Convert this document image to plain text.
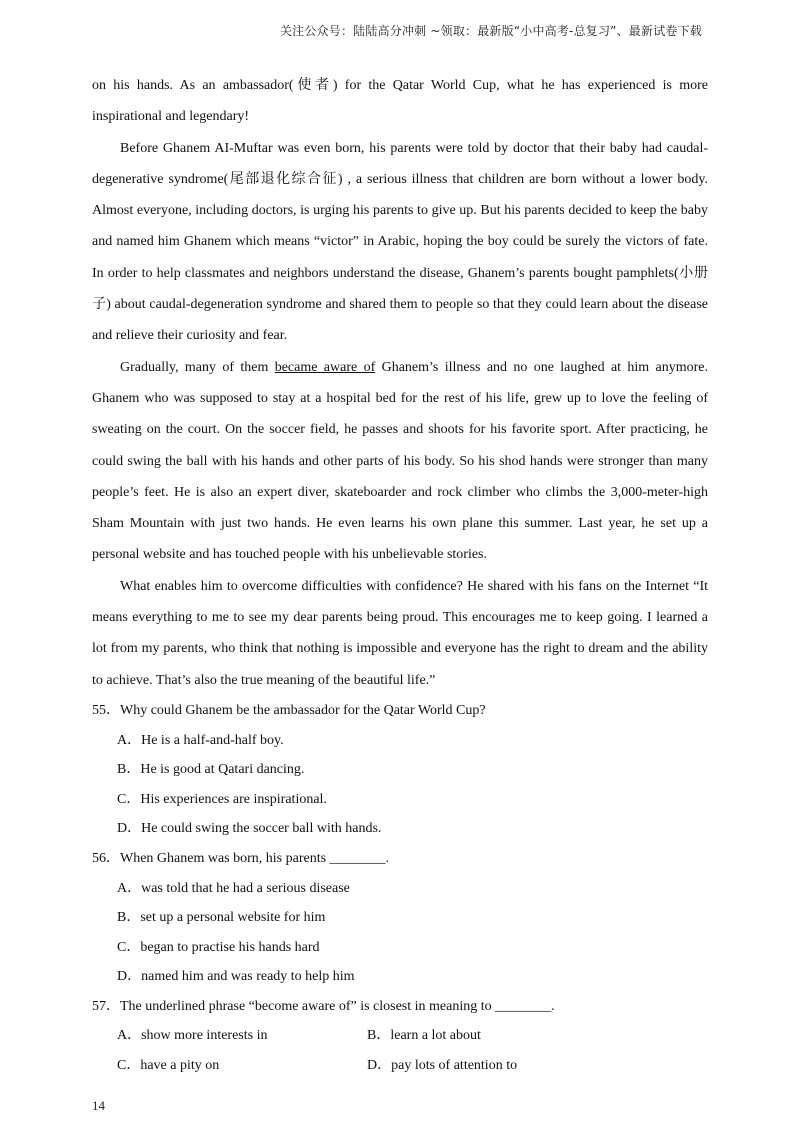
关注公众号：陆陆高分冲刺 ~领取：最新版“小中高考-总复习”、最新试卷下载

on his hands. As an ambassador(使者) for the Qatar World Cup, what he has experienced is more inspirational and legendary!

Before Ghanem AI-Muftar was even born, his parents were told by doctor that their baby had caudal-degenerative syndrome(尾部退化综合征) , a serious illness that children are born without a lower body. Almost everyone, including doctors, is urging his parents to give up. But his parents decided to keep the baby and named him Ghanem which means “victor” in Arabic, hoping the boy could be surely the victors of fate. In order to help classmates and neighbors understand the disease, Ghanem’s parents bought pamphlets(小册子) about caudal-degeneration syndrome and shared them to people so that they could learn about the disease and relieve their curiosity and fear.

Gradually, many of them became aware of Ghanem’s illness and no one laughed at him anymore. Ghanem who was supposed to stay at a hospital bed for the rest of his life, grew up to love the feeling of sweating on the court. On the soccer field, he passes and shoots for his favorite sport. After practicing, he could swing the ball with his hands and other parts of his body. So his shod hands were stronger than many people’s feet. He is also an expert diver, skateboarder and rock climber who climbs the 3,000-meter-high Sham Mountain with just two hands. He even learns his own plane this summer. Last year, he set up a personal website and has touched people with his unbelievable stories.

What enables him to overcome difficulties with confidence? He shared with his fans on the Internet “It means everything to me to see my dear parents being proud. This encourages me to keep going. I learned a lot from my parents, who think that nothing is impossible and everyone has the right to dream and the ability to achieve. That’s also the true meaning of the beautiful life.”

55．Why could Ghanem be the ambassador for the Qatar World Cup?

A．He is a half-and-half boy.

B．He is good at Qatari dancing.

C．His experiences are inspirational.

D．He could swing the soccer ball with hands.

56．When Ghanem was born, his parents ________.

A．was told that he had a serious disease

B．set up a personal website for him

C．began to practise his hands hard

D．named him and was ready to help him

57．The underlined phrase “become aware of” is closest in meaning to ________.

A．show more interests in	B．learn a lot about

C．have a pity on	D．pay lots of attention to

14
